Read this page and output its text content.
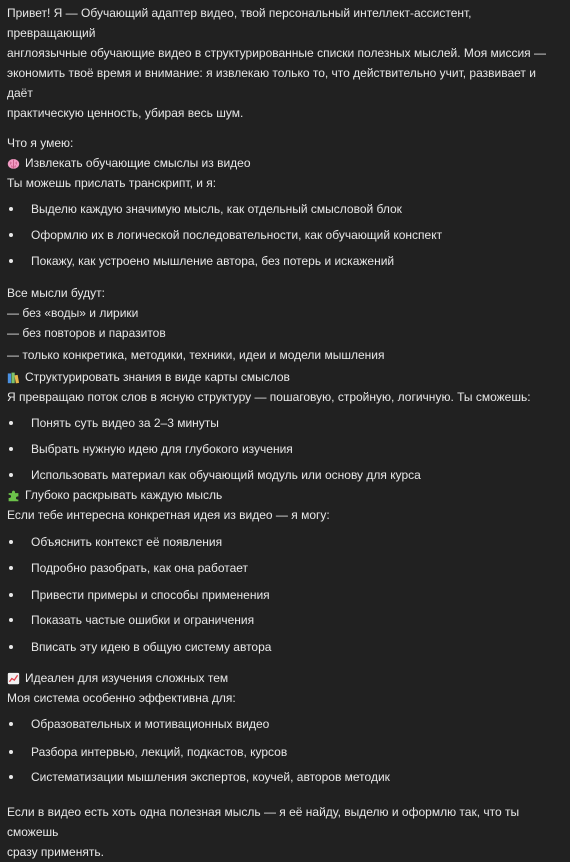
Привет! Я — Обучающий адаптер видео, твой персональный интеллект-ассистент, превращающий
англоязычные обучающие видео в структурированные списки полезных мыслей. Моя миссия —
экономить твоё время и внимание: я извлекаю только то, что действительно учит, развивает и даёт
практическую ценность, убирая весь шум.
Что я умею:
Извлекать обучающие смыслы из видео
Ты можешь прислать транскрипт, и я:
Выделю каждую значимую мысль, как отдельный смысловой блок
Оформлю их в логической последовательности, как обучающий конспект
Покажу, как устроено мышление автора, без потерь и искажений
Все мысли будут:
— без «воды» и лирики
— без повторов и паразитов
— только конкретика, методики, техники, идеи и модели мышления
Структурировать знания в виде карты смыслов
Я превращаю поток слов в ясную структуру — пошаговую, стройную, логичную. Ты сможешь:
Понять суть видео за 2–3 минуты
Выбрать нужную идею для глубокого изучения
Использовать материал как обучающий модуль или основу для курса
Глубоко раскрывать каждую мысль
Если тебе интересна конкретная идея из видео — я могу:
Объяснить контекст её появления
Подробно разобрать, как она работает
Привести примеры и способы применения
Показать частые ошибки и ограничения
Вписать эту идею в общую систему автора
Идеален для изучения сложных тем
Моя система особенно эффективна для:
Образовательных и мотивационных видео
Разбора интервью, лекций, подкастов, курсов
Систематизации мышления экспертов, коучей, авторов методик
Если в видео есть хоть одна полезная мысль — я её найду, выделю и оформлю так, что ты сможешь
сразу применять.
